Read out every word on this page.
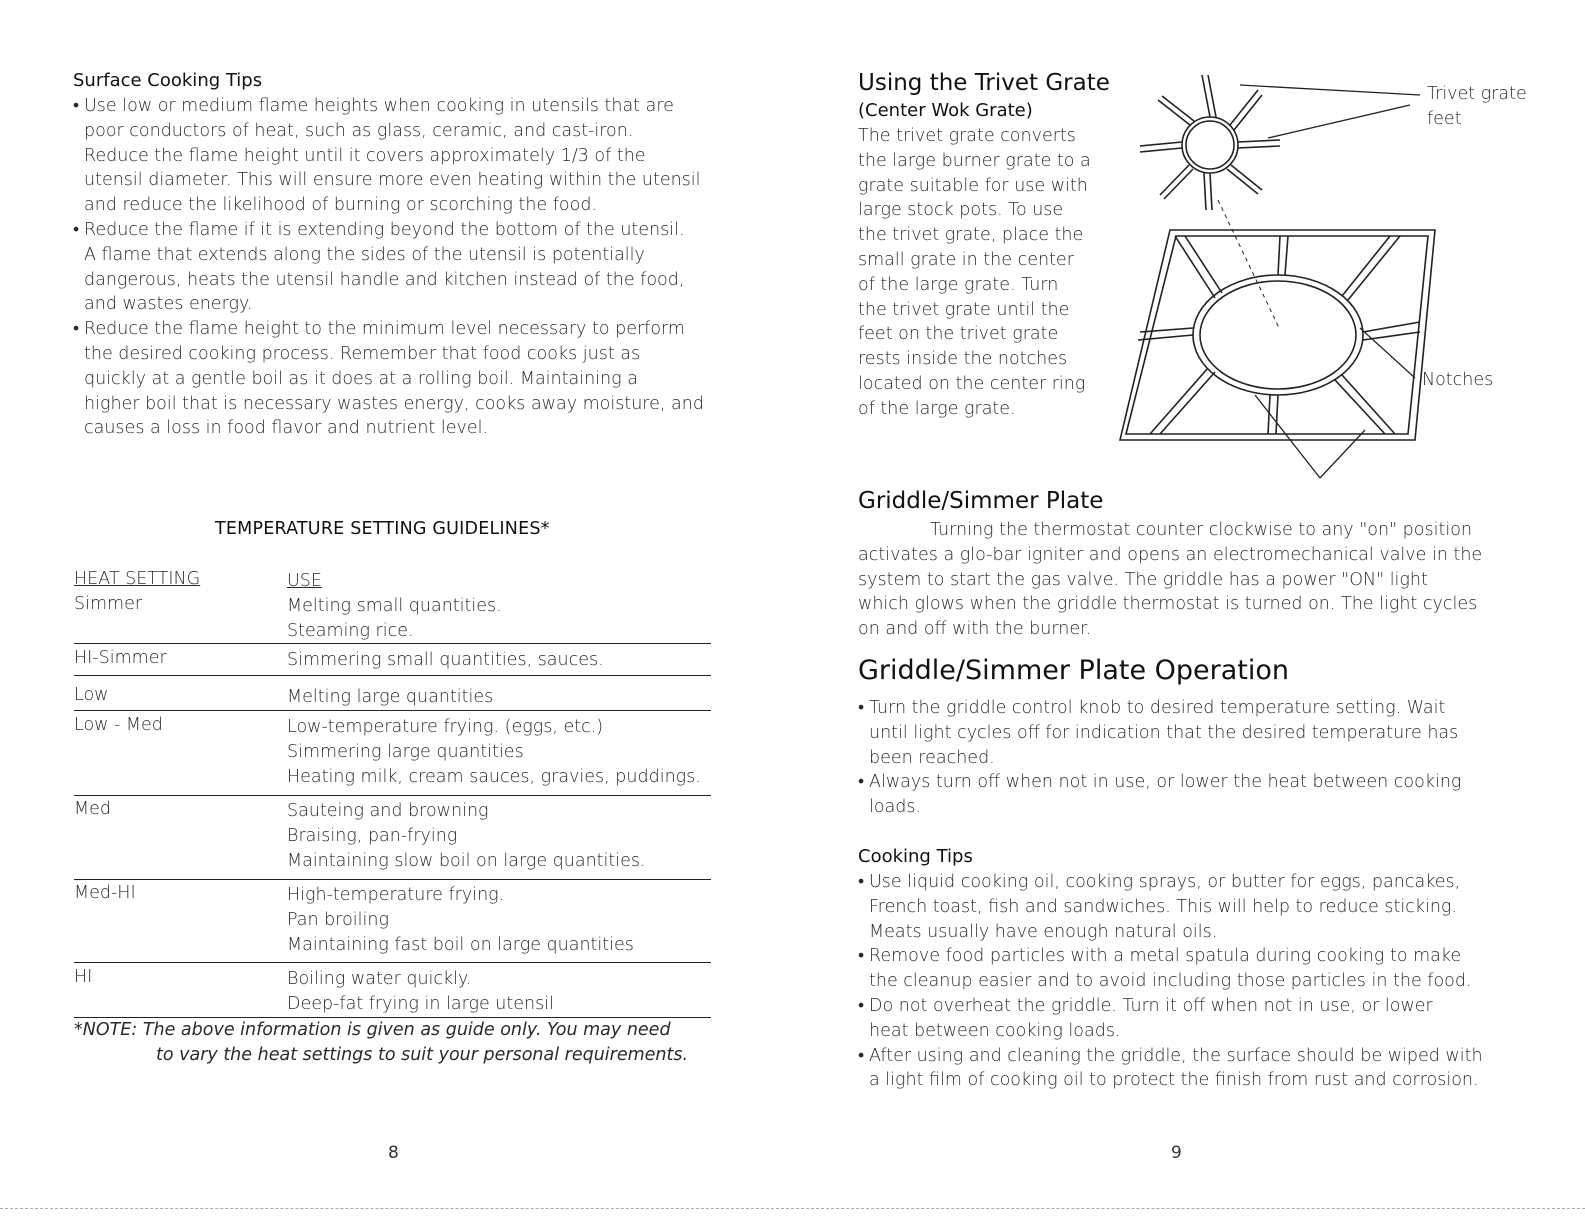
Surface Cooking Tips
• Use low or medium flame heights when cooking in utensils that are
poor conductors of heat, such as glass, ceramic, and cast-iron.
Reduce the flame height until it covers approximately 1/3 of the
utensil diameter. This will ensure more even heating within the utensil
and reduce the likelihood of burning or scorching the food.
• Reduce the flame if it is extending beyond the bottom of the utensil.
A flame that extends along the sides of the utensil is potentially
dangerous, heats the utensil handle and kitchen instead of the food,
and wastes energy.
• Reduce the flame height to the minimum level necessary to perform
the desired cooking process. Remember that food cooks just as
quickly at a gentle boil as it does at a rolling boil. Maintaining a
higher boil that is necessary wastes energy, cooks away moisture, and
causes a loss in food flavor and nutrient level.
TEMPERATURE SETTING GUIDELINES*
HEAT SETTING	USE
Simmer	Melting small quantities.
Steaming rice.
HI-Simmer	Simmering small quantities, sauces.
Low	Melting large quantities
Low - Med	Low-temperature frying. (eggs, etc.)
Simmering large quantities
Heating milk, cream sauces, gravies, puddings.
Med	Sauteing and browning
Braising, pan-frying
Maintaining slow boil on large quantities.
Med-HI	High-temperature frying.
Pan broiling
Maintaining fast boil on large quantities
HI	Boiling water quickly.
Deep-fat frying in large utensil
*NOTE: The above information is given as guide only. You may need
to vary the heat settings to suit your personal requirements.
8
Using the Trivet Grate
(Center Wok Grate)
The trivet grate converts
the large burner grate to a
grate suitable for use with
large stock pots. To use
the trivet grate, place the
small grate in the center
of the large grate. Turn
the trivet grate until the
feet on the trivet grate
rests inside the notches
located on the center ring
of the large grate.
Trivet grate
feet
Notches
Griddle/Simmer Plate
Turning the thermostat counter clockwise to any "on" position
activates a glo-bar igniter and opens an electromechanical valve in the
system to start the gas valve. The griddle has a power "ON" light
which glows when the griddle thermostat is turned on. The light cycles
on and off with the burner.
Griddle/Simmer Plate Operation
• Turn the griddle control knob to desired temperature setting. Wait
until light cycles off for indication that the desired temperature has
been reached.
• Always turn off when not in use, or lower the heat between cooking
loads.
Cooking Tips
• Use liquid cooking oil, cooking sprays, or butter for eggs, pancakes,
French toast, fish and sandwiches. This will help to reduce sticking.
Meats usually have enough natural oils.
• Remove food particles with a metal spatula during cooking to make
the cleanup easier and to avoid including those particles in the food.
• Do not overheat the griddle. Turn it off when not in use, or lower
heat between cooking loads.
• After using and cleaning the griddle, the surface should be wiped with
a light film of cooking oil to protect the finish from rust and corrosion.
9
